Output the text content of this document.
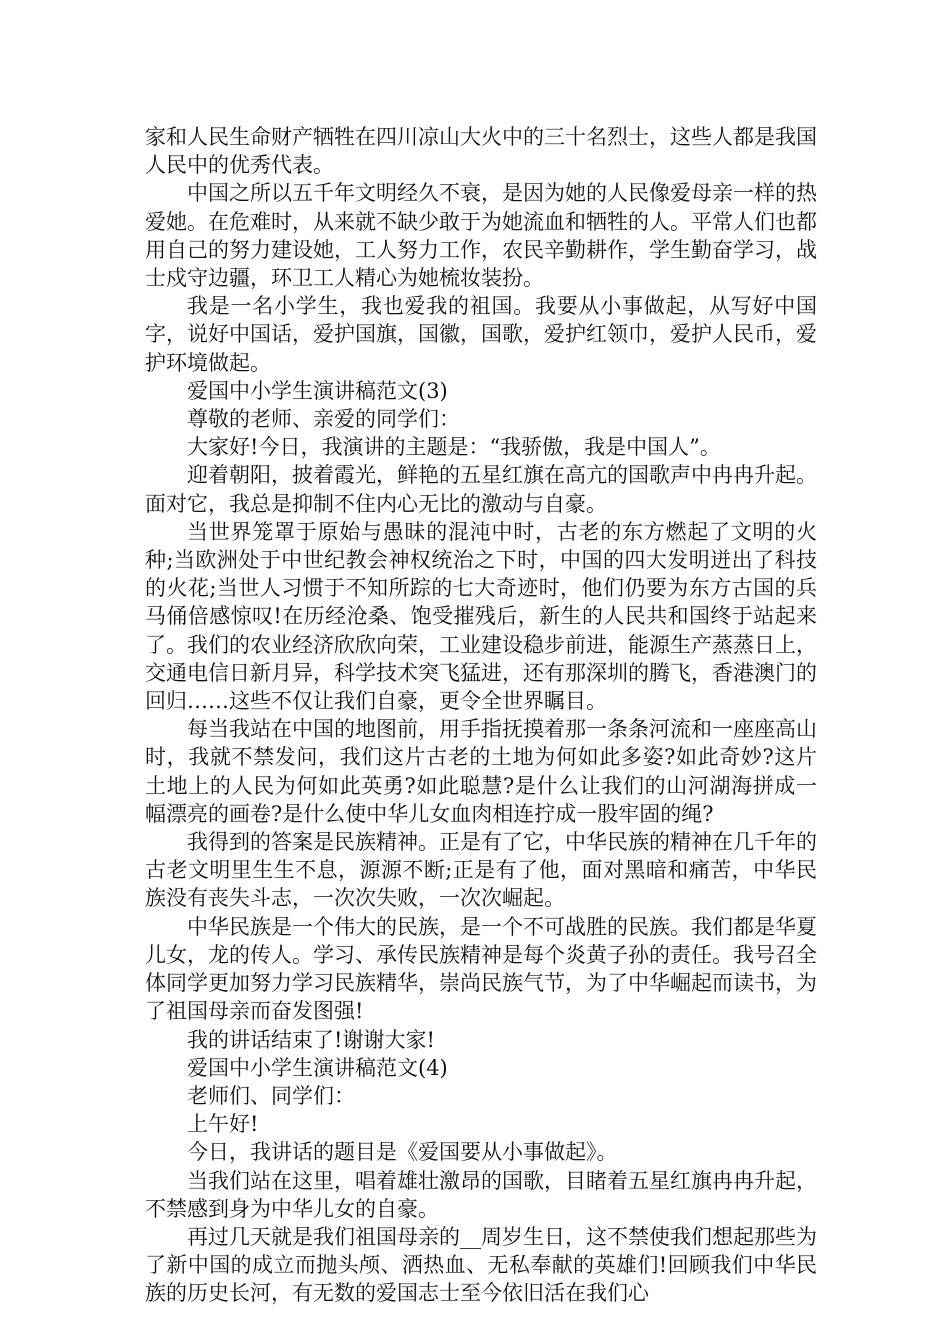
家和人民生命财产牺牲在四川凉山大火中的三十名烈士，这些人都是我国人民中的优秀代表。

中国之所以五千年文明经久不衰，是因为她的人民像爱母亲一样的热爱她。在危难时，从来就不缺少敢于为她流血和牺牲的人。平常人们也都用自己的努力建设她，工人努力工作，农民辛勤耕作，学生勤奋学习，战士戍守边疆，环卫工人精心为她梳妆装扮。

我是一名小学生，我也爱我的祖国。我要从小事做起，从写好中国字，说好中国话，爱护国旗，国徽，国歌，爱护红领巾，爱护人民币，爱护环境做起。

爱国中小学生演讲稿范文(3)

尊敬的老师、亲爱的同学们：

大家好!今日，我演讲的主题是：“我骄傲，我是中国人”。

迎着朝阳，披着霞光，鲜艳的五星红旗在高亢的国歌声中冉冉升起。面对它，我总是抑制不住内心无比的激动与自豪。

当世界笼罩于原始与愚昧的混沌中时，古老的东方燃起了文明的火种;当欧洲处于中世纪教会神权统治之下时，中国的四大发明迸出了科技的火花;当世人习惯于不知所踪的七大奇迹时，他们仍要为东方古国的兵马俑倍感惊叹!在历经沧桑、饱受摧残后，新生的人民共和国终于站起来了。我们的农业经济欣欣向荣，工业建设稳步前进，能源生产蒸蒸日上，交通电信日新月异，科学技术突飞猛进，还有那深圳的腾飞，香港澳门的回归……这些不仅让我们自豪，更令全世界瞩目。

每当我站在中国的地图前，用手指抚摸着那一条条河流和一座座高山时，我就不禁发问，我们这片古老的土地为何如此多姿?如此奇妙?这片土地上的人民为何如此英勇?如此聪慧?是什么让我们的山河湖海拼成一幅漂亮的画卷?是什么使中华儿女血肉相连拧成一股牢固的绳?

我得到的答案是民族精神。正是有了它，中华民族的精神在几千年的古老文明里生生不息，源源不断;正是有了他，面对黑暗和痛苦，中华民族没有丧失斗志，一次次失败，一次次崛起。

中华民族是一个伟大的民族，是一个不可战胜的民族。我们都是华夏儿女，龙的传人。学习、承传民族精神是每个炎黄子孙的责任。我号召全体同学更加努力学习民族精华，崇尚民族气节，为了中华崛起而读书，为了祖国母亲而奋发图强!

我的讲话结束了!谢谢大家!

爱国中小学生演讲稿范文(4)

老师们、同学们：

上午好!

今日，我讲话的题目是《爱国要从小事做起》。

当我们站在这里，唱着雄壮激昂的国歌，目睹着五星红旗冉冉升起，不禁感到身为中华儿女的自豪。

再过几天就是我们祖国母亲的__周岁生日，这不禁使我们想起那些为了新中国的成立而抛头颅、洒热血、无私奉献的英雄们!回顾我们中华民族的历史长河，有无数的爱国志士至今依旧活在我们心
